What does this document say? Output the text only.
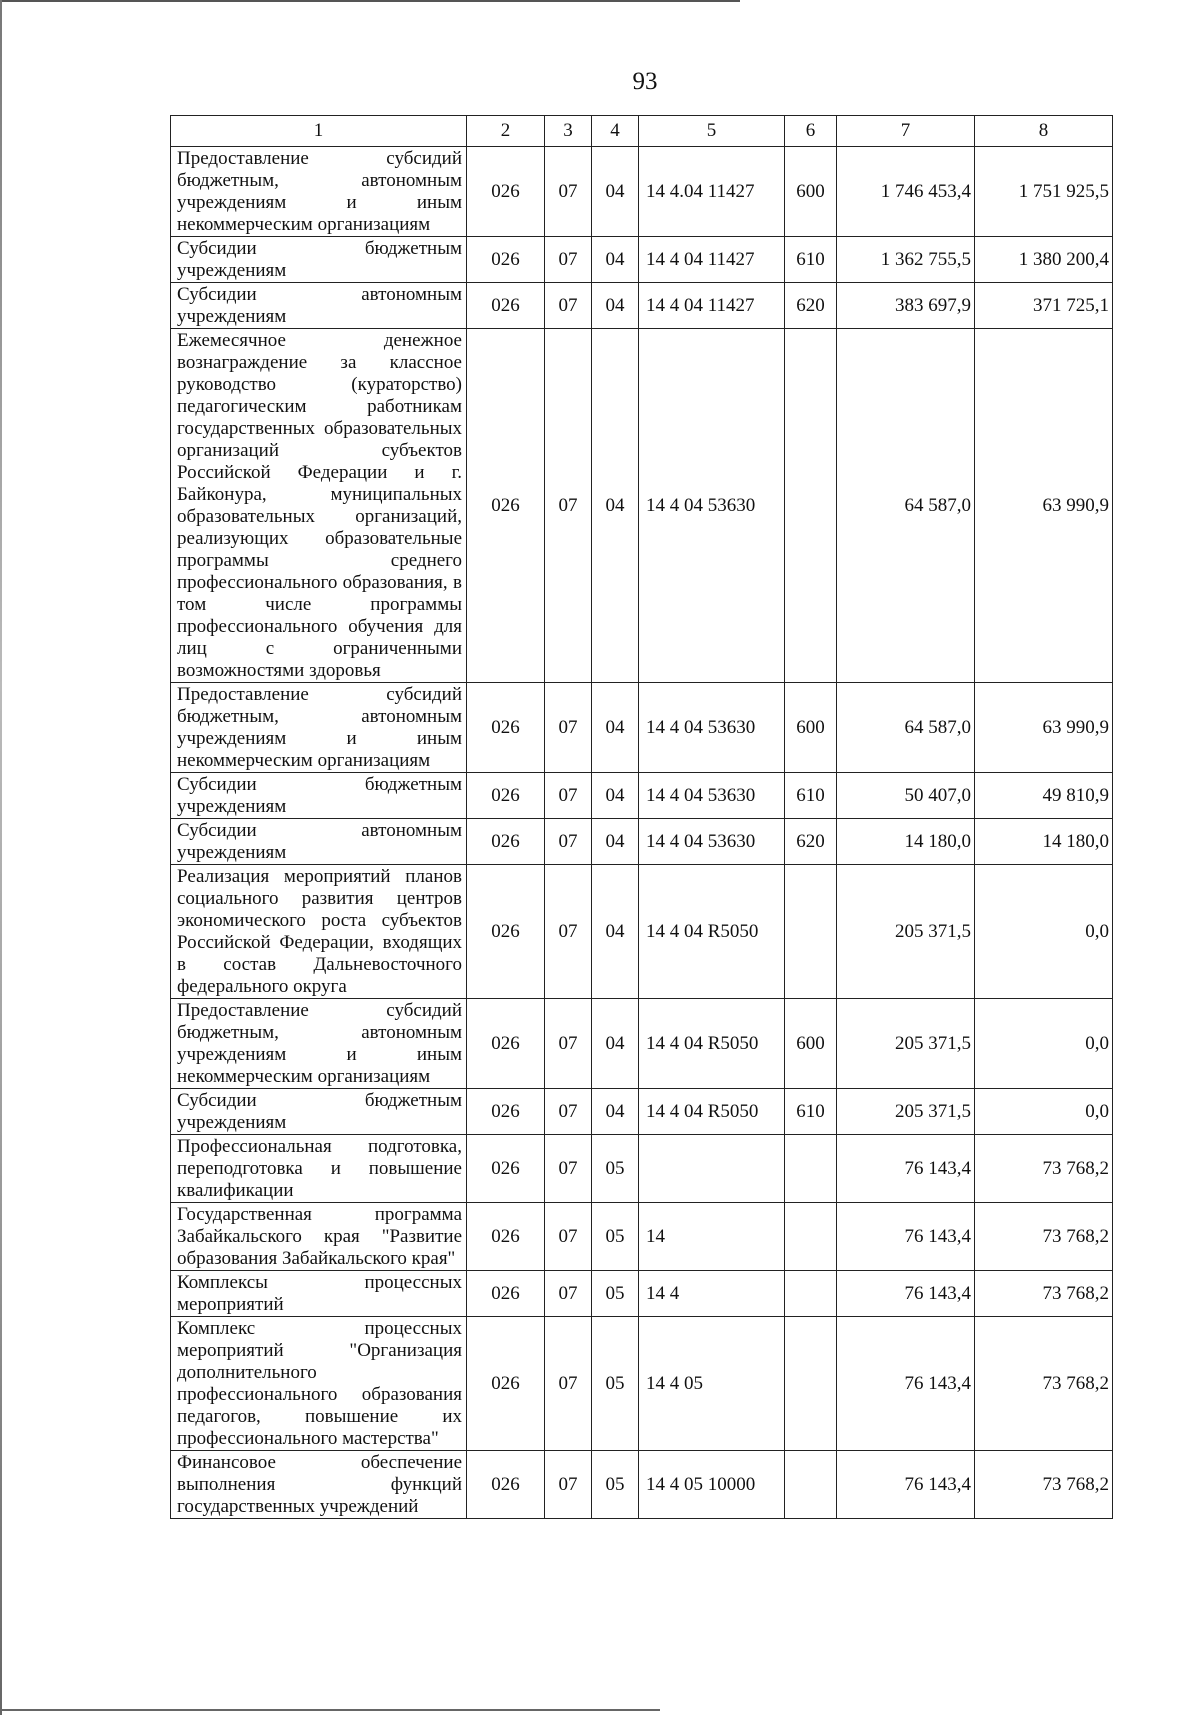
93
1	2	3	4	5	6	7	8
Предоставление субсидий бюджетным, автономным учреждениям и иным некоммерческим организациям	026	07	04	14 4.04 11427	600	1 746 453,4	1 751 925,5
Субсидии бюджетным учреждениям	026	07	04	14 4 04 11427	610	1 362 755,5	1 380 200,4
Субсидии автономным учреждениям	026	07	04	14 4 04 11427	620	383 697,9	371 725,1
Ежемесячное денежное вознаграждение за классное руководство (кураторство) педагогическим работникам государственных образовательных организаций субъектов Российской Федерации и г. Байконура, муниципальных образовательных организаций, реализующих образовательные программы среднего профессионального образования, в том числе программы профессионального обучения для лиц с ограниченными возможностями здоровья	026	07	04	14 4 04 53630		64 587,0	63 990,9
Предоставление субсидий бюджетным, автономным учреждениям и иным некоммерческим организациям	026	07	04	14 4 04 53630	600	64 587,0	63 990,9
Субсидии бюджетным учреждениям	026	07	04	14 4 04 53630	610	50 407,0	49 810,9
Субсидии автономным учреждениям	026	07	04	14 4 04 53630	620	14 180,0	14 180,0
Реализация мероприятий планов социального развития центров экономического роста субъектов Российской Федерации, входящих в состав Дальневосточного федерального округа	026	07	04	14 4 04 R5050		205 371,5	0,0
Предоставление субсидий бюджетным, автономным учреждениям и иным некоммерческим организациям	026	07	04	14 4 04 R5050	600	205 371,5	0,0
Субсидии бюджетным учреждениям	026	07	04	14 4 04 R5050	610	205 371,5	0,0
Профессиональная подготовка, переподготовка и повышение квалификации	026	07	05			76 143,4	73 768,2
Государственная программа Забайкальского края "Развитие образования Забайкальского края"	026	07	05	14		76 143,4	73 768,2
Комплексы процессных мероприятий	026	07	05	14 4		76 143,4	73 768,2
Комплекс процессных мероприятий "Организация дополнительного профессионального образования педагогов, повышение их профессионального мастерства"	026	07	05	14 4 05		76 143,4	73 768,2
Финансовое обеспечение выполнения функций государственных учреждений	026	07	05	14 4 05 10000		76 143,4	73 768,2
